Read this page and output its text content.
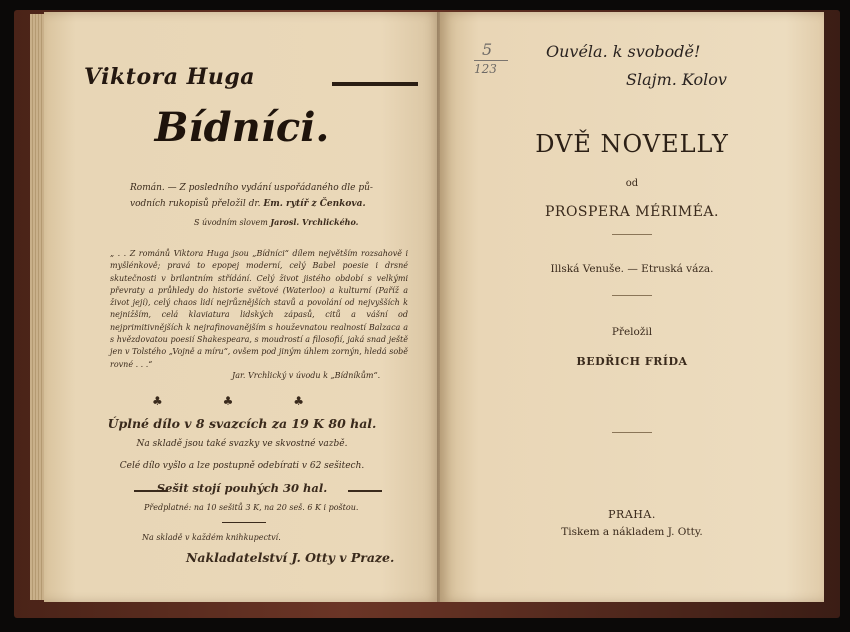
Viktora Huga
Bídníci.
Román. — Z posledního vydání uspořádaného dle pů-
vodních rukopisů přeložil dr. Em. rytíř z Čenkova.
S úvodním slovem Jarosl. Vrchlického.
„ . . Z románů Viktora Huga jsou „Bídníci“ dílem největším rozsahově i myšlénkově; pravá to epopej moderní, celý Babel poesie i drsné skutečnosti v brilantním střídání. Celý život jistého období s velkými převraty a průhledy do historie světové (Waterloo) a kulturní (Paříž a život její), celý chaos lidí nejrůznějších stavů a povolání od nejvyšších k nejnižším, celá klaviatura lidských zápasů, citů a vášní od nejprimitivnějších k nejrafinovanějším s houževnatou realností Balzaca a s hvězdovatou poesií Shakespeara, s moudrostí a filosofií, jaká snad ještě jen v Tolstého „Vojně a míru“, ovšem pod jiným úhlem zornýn, hledá sobě rovné . . .“
Jar. Vrchlický v úvodu k „Bídníkům“.
♣ ♣ ♣
Úplné dílo v 8 svazcích za 19 K 80 hal.
Na skladě jsou také svazky ve skvostné vazbě.
Celé dílo vyšlo a lze postupně odebírati v 62 sešitech.
Sešit stojí pouhých 30 hal.
Předplatné: na 10 sešitů 3 K, na 20 seš. 6 K i poštou.
Na skladě v každém knihkupectví.
Nakladatelství J. Otty v Praze.
5
123
Ouvéla. k svobodě!
Slajm. Kolov
DVĚ NOVELLY
od
PROSPERA MÉRIMÉA.
Illská Venuše. — Etruská váza.
Přeložil
BEDŘICH FRÍDA
PRAHA.
Tiskem a nákladem J. Otty.
